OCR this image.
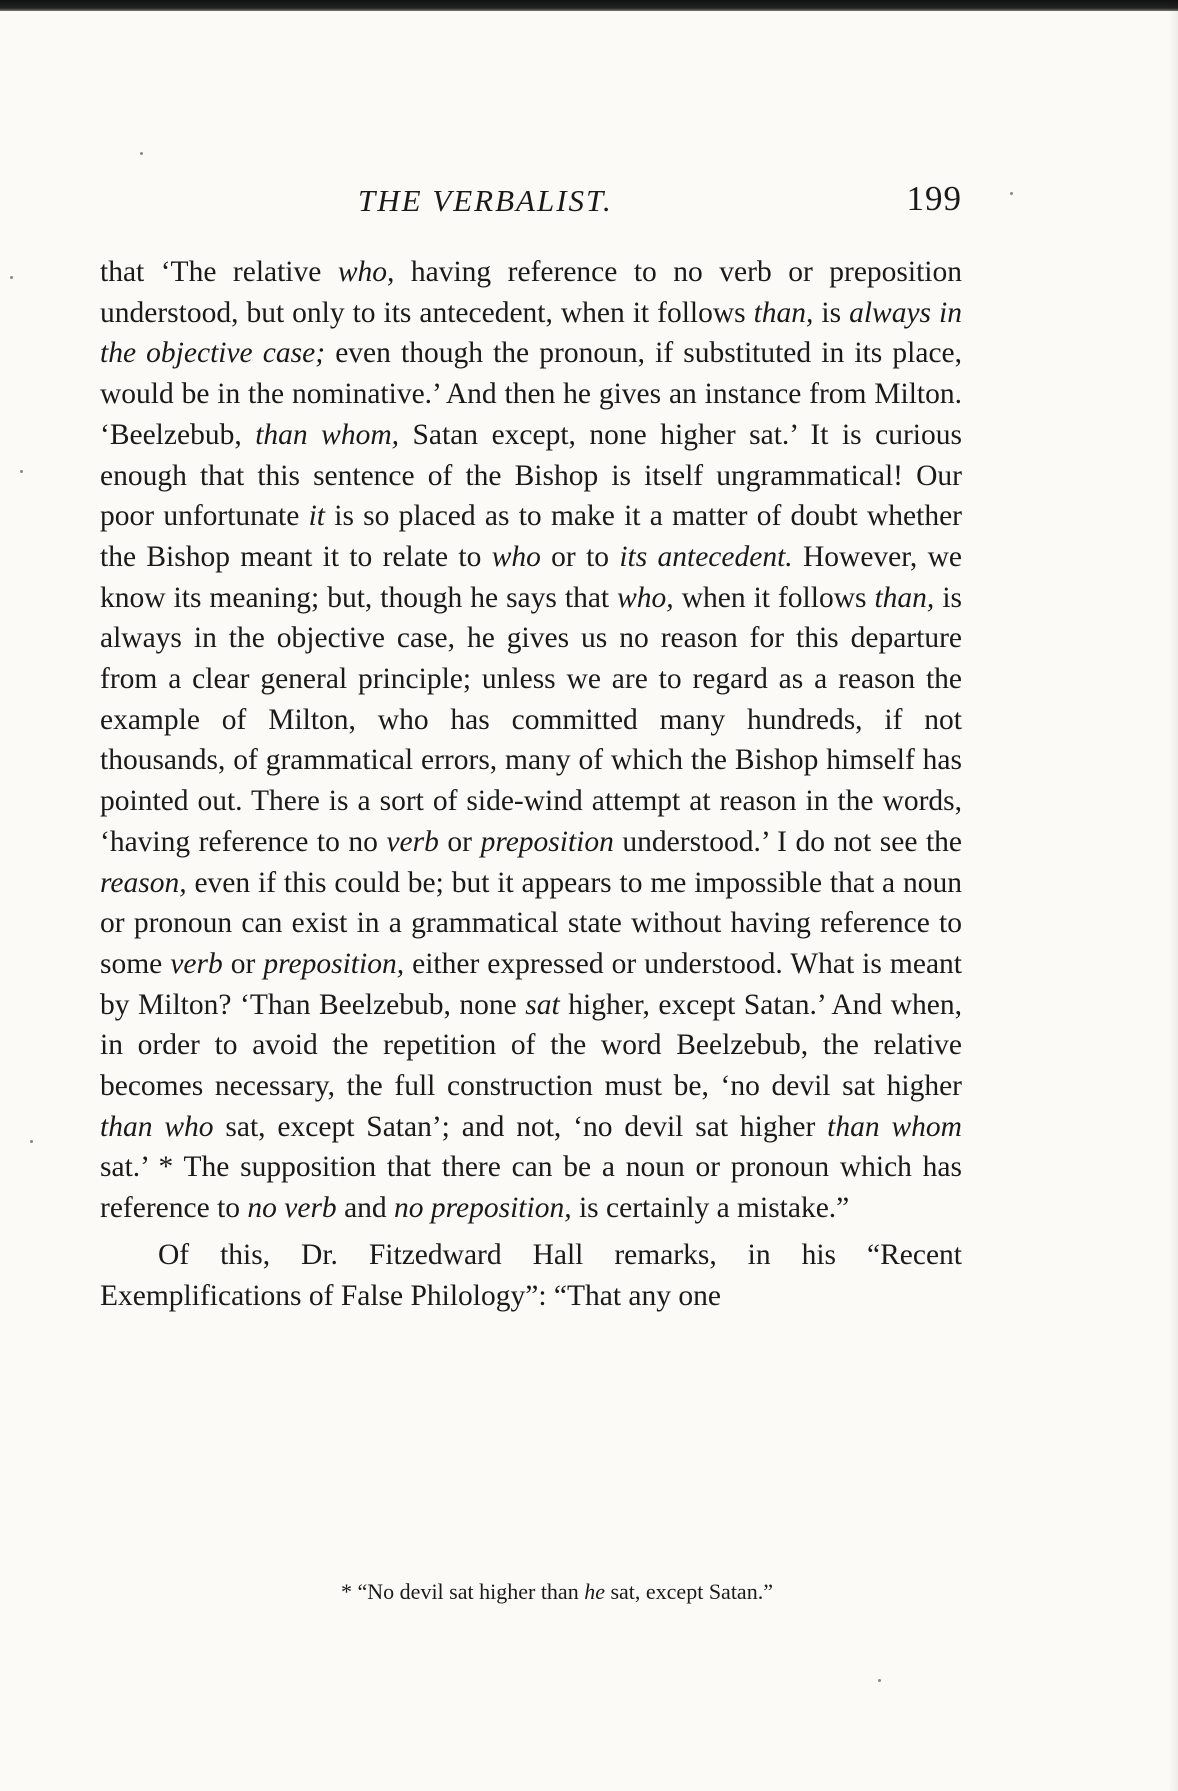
THE VERBALIST.	199

that ‘The relative who, having reference to no verb or preposition understood, but only to its antecedent, when it follows than, is always in the objective case; even though the pronoun, if substituted in its place, would be in the nominative.’ And then he gives an instance from Milton. ‘Beelzebub, than whom, Satan except, none higher sat.’ It is curious enough that this sentence of the Bishop is itself ungrammatical! Our poor unfortunate it is so placed as to make it a matter of doubt whether the Bishop meant it to relate to who or to its antecedent. However, we know its meaning; but, though he says that who, when it follows than, is always in the objective case, he gives us no reason for this departure from a clear general principle; unless we are to regard as a reason the example of Milton, who has committed many hundreds, if not thousands, of grammatical errors, many of which the Bishop himself has pointed out. There is a sort of side-wind attempt at reason in the words, ‘having reference to no verb or preposition understood.’ I do not see the reason, even if this could be; but it appears to me impossible that a noun or pronoun can exist in a grammatical state without having reference to some verb or preposition, either expressed or understood. What is meant by Milton? ‘Than Beelzebub, none sat higher, except Satan.’ And when, in order to avoid the repetition of the word Beelzebub, the relative becomes necessary, the full construction must be, ‘no devil sat higher than who sat, except Satan’; and not, ‘no devil sat higher than whom sat.’ * The supposition that there can be a noun or pronoun which has reference to no verb and no preposition, is certainly a mistake.”

Of this, Dr. Fitzedward Hall remarks, in his “Recent Exemplifications of False Philology”: “That any one

* “No devil sat higher than he sat, except Satan.”
